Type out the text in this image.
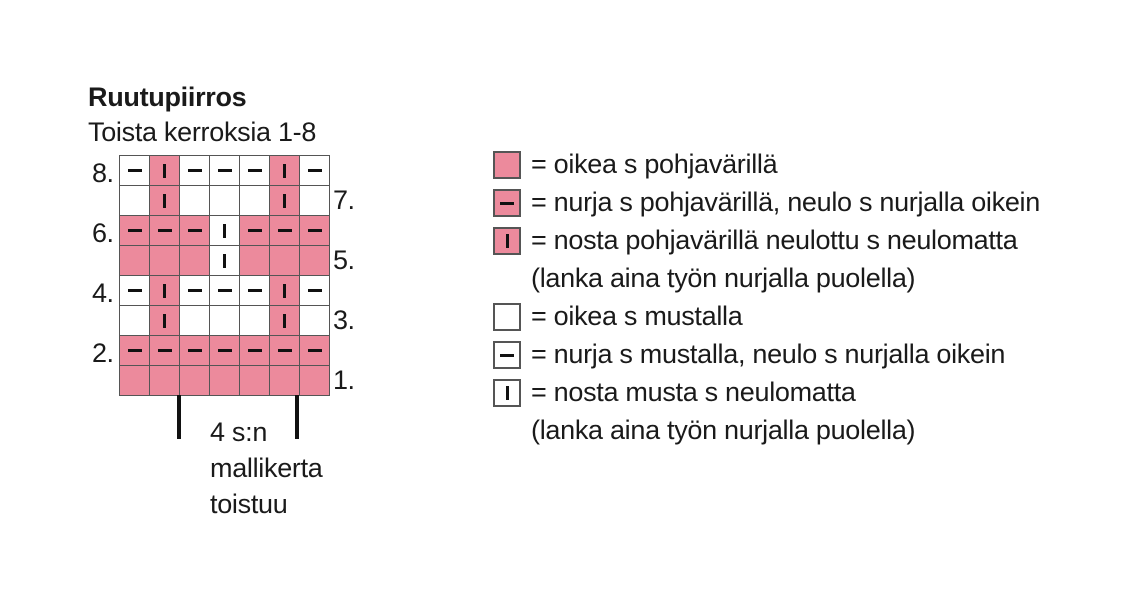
Ruutupiirros
Toista kerroksia 1-8
8.
7.
6.
5.
4.
3.
2.
1.
4 s:n
mallikerta
toistuu
= oikea s pohjavärillä
= nurja s pohjavärillä, neulo s nurjalla oikein
= nosta pohjavärillä neulottu s neulomatta
(lanka aina työn nurjalla puolella)
= oikea s mustalla
= nurja s mustalla, neulo s nurjalla oikein
= nosta musta s neulomatta
(lanka aina työn nurjalla puolella)
